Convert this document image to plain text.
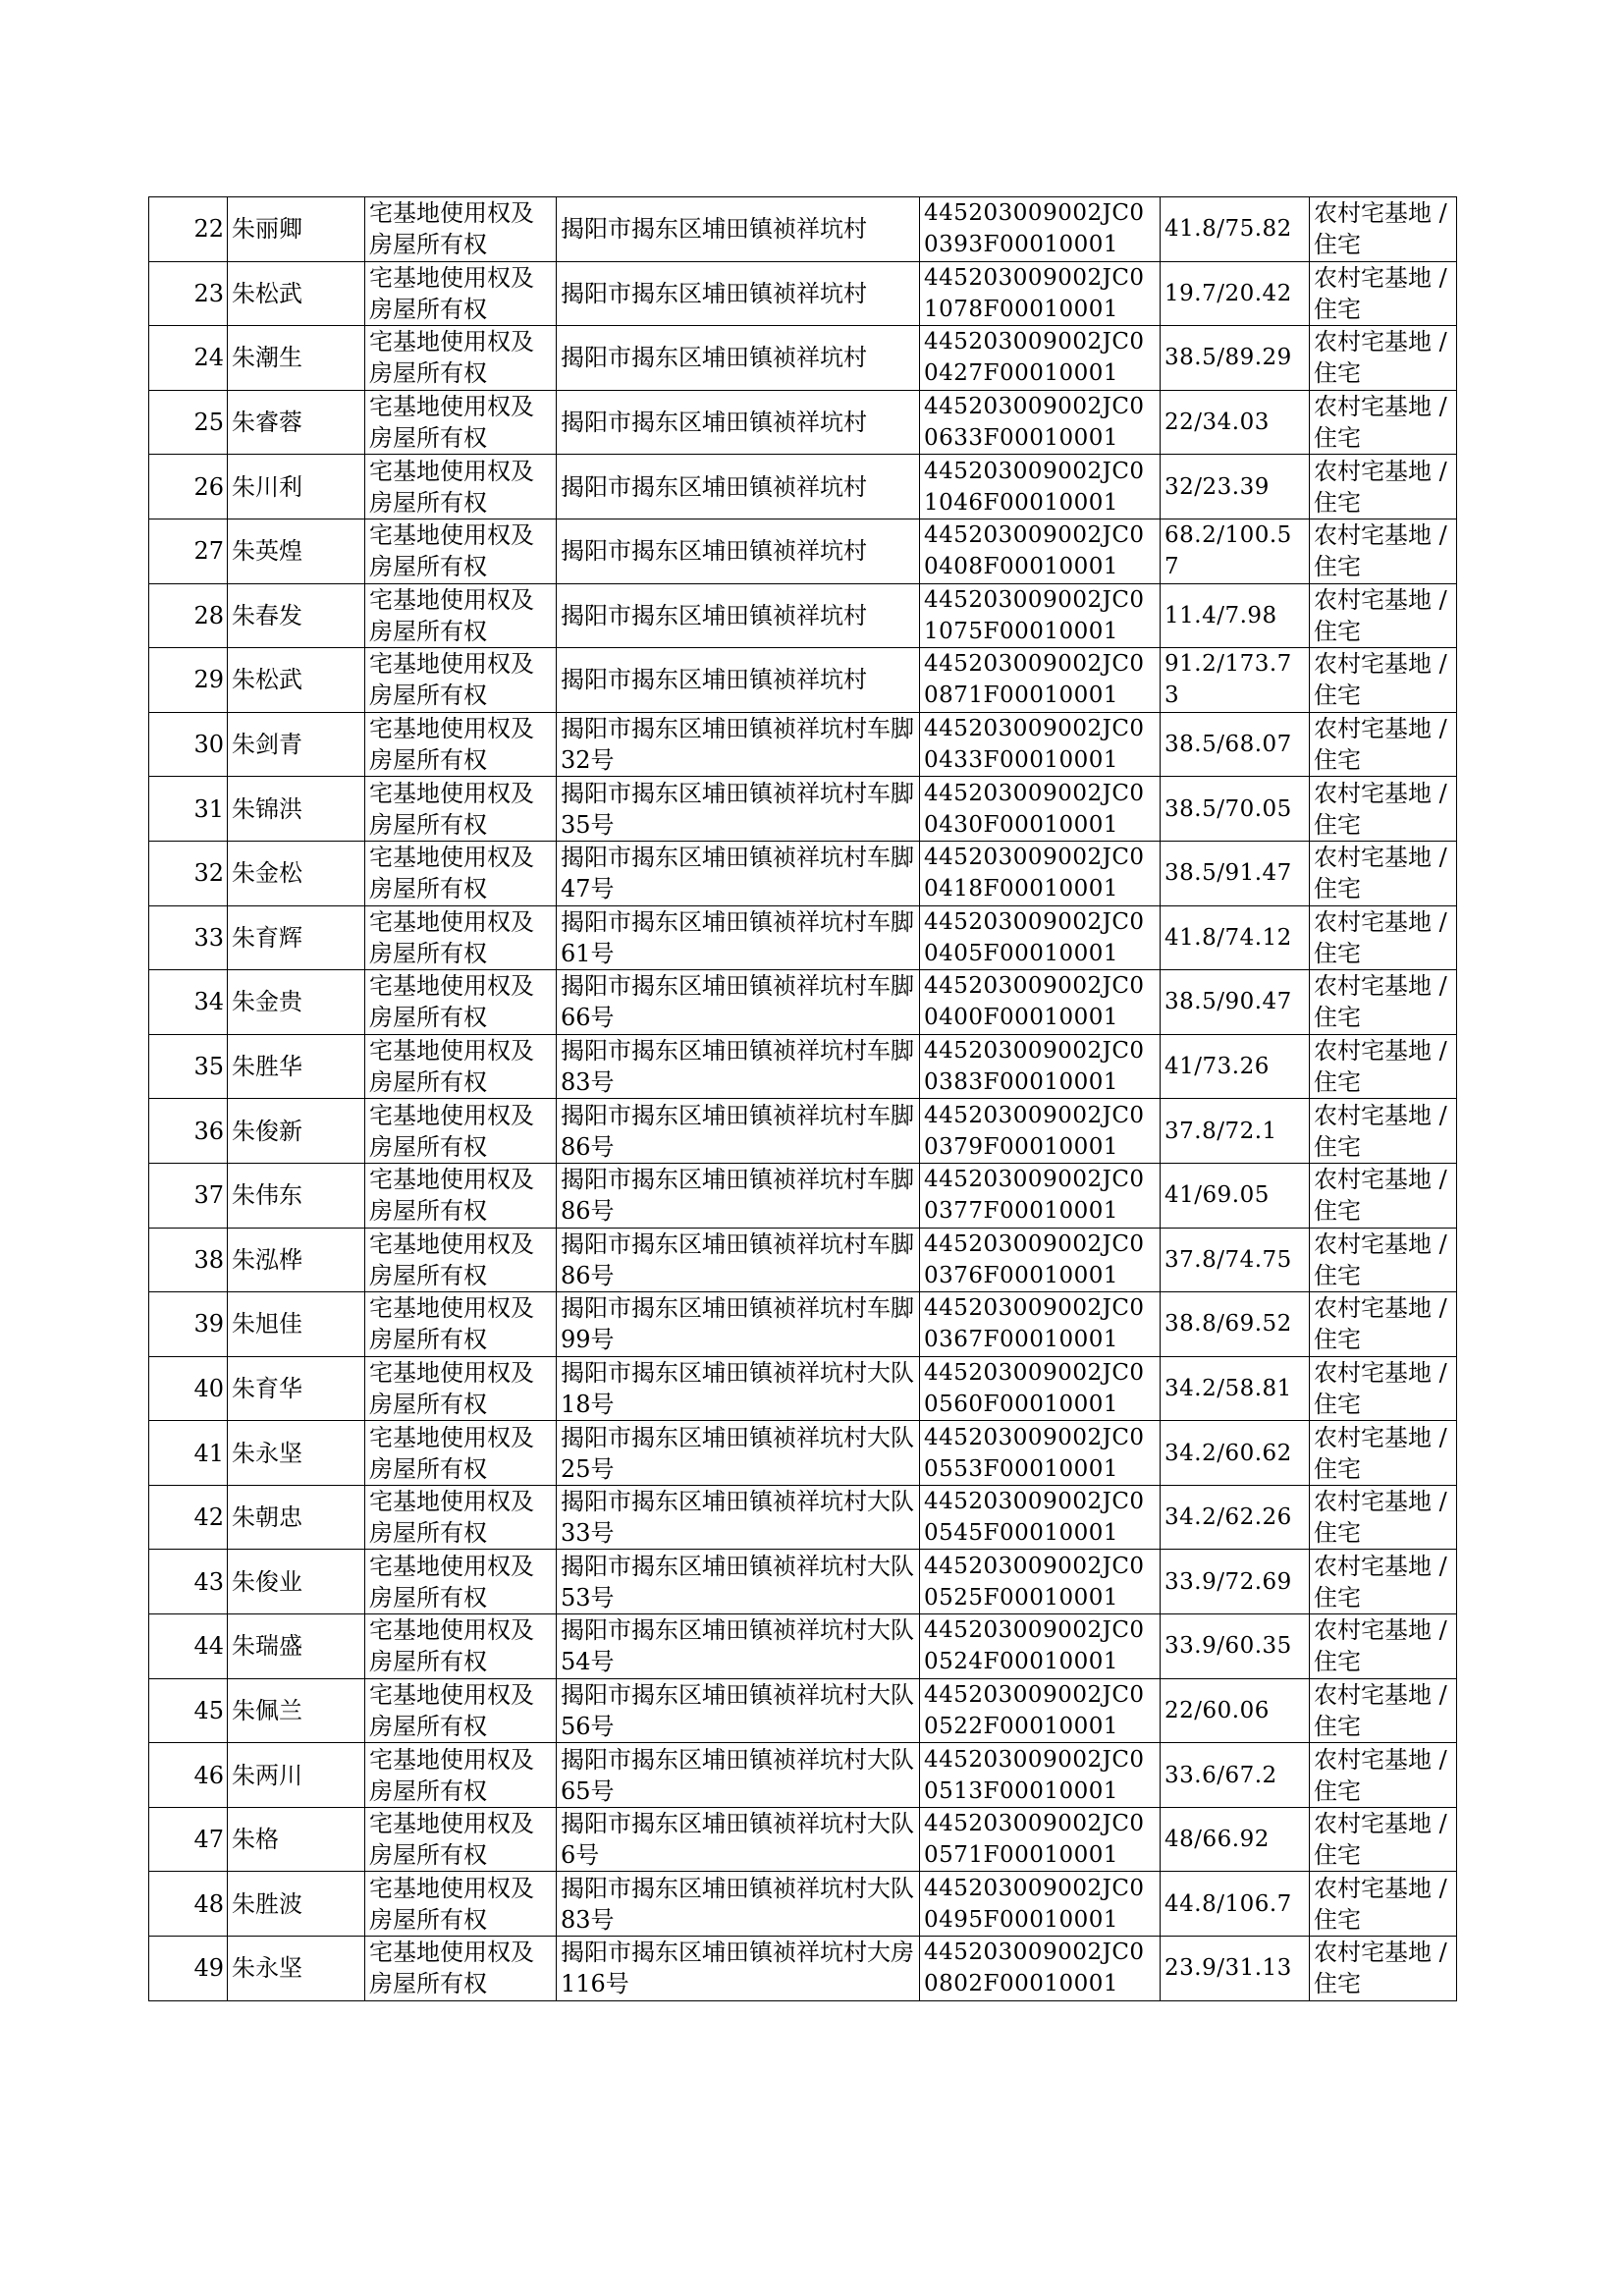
22	朱丽卿	宅基地使用权及房屋所有权	揭阳市揭东区埔田镇祯祥坑村	445203009002JC00393F00010001	41.8/75.82	农村宅基地 / 住宅
23	朱松武	宅基地使用权及房屋所有权	揭阳市揭东区埔田镇祯祥坑村	445203009002JC01078F00010001	19.7/20.42	农村宅基地 / 住宅
24	朱潮生	宅基地使用权及房屋所有权	揭阳市揭东区埔田镇祯祥坑村	445203009002JC00427F00010001	38.5/89.29	农村宅基地 / 住宅
25	朱睿蓉	宅基地使用权及房屋所有权	揭阳市揭东区埔田镇祯祥坑村	445203009002JC00633F00010001	22/34.03	农村宅基地 / 住宅
26	朱川利	宅基地使用权及房屋所有权	揭阳市揭东区埔田镇祯祥坑村	445203009002JC01046F00010001	32/23.39	农村宅基地 / 住宅
27	朱英煌	宅基地使用权及房屋所有权	揭阳市揭东区埔田镇祯祥坑村	445203009002JC00408F00010001	68.2/100.57	农村宅基地 / 住宅
28	朱春发	宅基地使用权及房屋所有权	揭阳市揭东区埔田镇祯祥坑村	445203009002JC01075F00010001	11.4/7.98	农村宅基地 / 住宅
29	朱松武	宅基地使用权及房屋所有权	揭阳市揭东区埔田镇祯祥坑村	445203009002JC00871F00010001	91.2/173.73	农村宅基地 / 住宅
30	朱剑青	宅基地使用权及房屋所有权	揭阳市揭东区埔田镇祯祥坑村车脚32号	445203009002JC00433F00010001	38.5/68.07	农村宅基地 / 住宅
31	朱锦洪	宅基地使用权及房屋所有权	揭阳市揭东区埔田镇祯祥坑村车脚35号	445203009002JC00430F00010001	38.5/70.05	农村宅基地 / 住宅
32	朱金松	宅基地使用权及房屋所有权	揭阳市揭东区埔田镇祯祥坑村车脚47号	445203009002JC00418F00010001	38.5/91.47	农村宅基地 / 住宅
33	朱育辉	宅基地使用权及房屋所有权	揭阳市揭东区埔田镇祯祥坑村车脚61号	445203009002JC00405F00010001	41.8/74.12	农村宅基地 / 住宅
34	朱金贵	宅基地使用权及房屋所有权	揭阳市揭东区埔田镇祯祥坑村车脚66号	445203009002JC00400F00010001	38.5/90.47	农村宅基地 / 住宅
35	朱胜华	宅基地使用权及房屋所有权	揭阳市揭东区埔田镇祯祥坑村车脚83号	445203009002JC00383F00010001	41/73.26	农村宅基地 / 住宅
36	朱俊新	宅基地使用权及房屋所有权	揭阳市揭东区埔田镇祯祥坑村车脚86号	445203009002JC00379F00010001	37.8/72.1	农村宅基地 / 住宅
37	朱伟东	宅基地使用权及房屋所有权	揭阳市揭东区埔田镇祯祥坑村车脚86号	445203009002JC00377F00010001	41/69.05	农村宅基地 / 住宅
38	朱泓桦	宅基地使用权及房屋所有权	揭阳市揭东区埔田镇祯祥坑村车脚86号	445203009002JC00376F00010001	37.8/74.75	农村宅基地 / 住宅
39	朱旭佳	宅基地使用权及房屋所有权	揭阳市揭东区埔田镇祯祥坑村车脚99号	445203009002JC00367F00010001	38.8/69.52	农村宅基地 / 住宅
40	朱育华	宅基地使用权及房屋所有权	揭阳市揭东区埔田镇祯祥坑村大队18号	445203009002JC00560F00010001	34.2/58.81	农村宅基地 / 住宅
41	朱永坚	宅基地使用权及房屋所有权	揭阳市揭东区埔田镇祯祥坑村大队25号	445203009002JC00553F00010001	34.2/60.62	农村宅基地 / 住宅
42	朱朝忠	宅基地使用权及房屋所有权	揭阳市揭东区埔田镇祯祥坑村大队33号	445203009002JC00545F00010001	34.2/62.26	农村宅基地 / 住宅
43	朱俊业	宅基地使用权及房屋所有权	揭阳市揭东区埔田镇祯祥坑村大队53号	445203009002JC00525F00010001	33.9/72.69	农村宅基地 / 住宅
44	朱瑞盛	宅基地使用权及房屋所有权	揭阳市揭东区埔田镇祯祥坑村大队54号	445203009002JC00524F00010001	33.9/60.35	农村宅基地 / 住宅
45	朱佩兰	宅基地使用权及房屋所有权	揭阳市揭东区埔田镇祯祥坑村大队56号	445203009002JC00522F00010001	22/60.06	农村宅基地 / 住宅
46	朱两川	宅基地使用权及房屋所有权	揭阳市揭东区埔田镇祯祥坑村大队65号	445203009002JC00513F00010001	33.6/67.2	农村宅基地 / 住宅
47	朱格	宅基地使用权及房屋所有权	揭阳市揭东区埔田镇祯祥坑村大队6号	445203009002JC00571F00010001	48/66.92	农村宅基地 / 住宅
48	朱胜波	宅基地使用权及房屋所有权	揭阳市揭东区埔田镇祯祥坑村大队83号	445203009002JC00495F00010001	44.8/106.7	农村宅基地 / 住宅
49	朱永坚	宅基地使用权及房屋所有权	揭阳市揭东区埔田镇祯祥坑村大房116号	445203009002JC00802F00010001	23.9/31.13	农村宅基地 / 住宅
